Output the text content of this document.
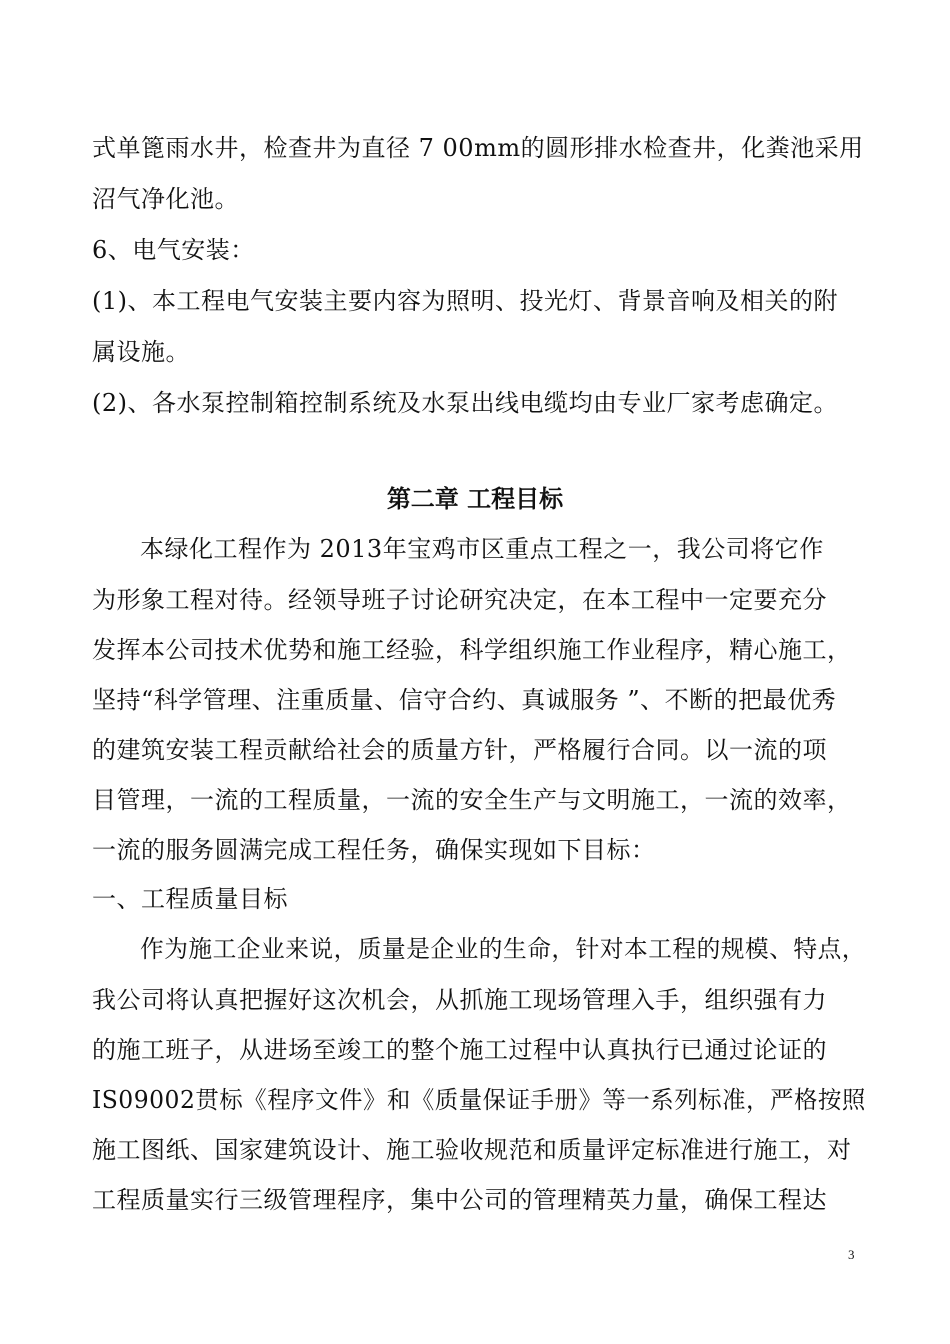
式单篦雨水井，检查井为直径 7 00mm的圆形排水检查井，化粪池采用
沼气净化池。
6、电气安装：
(1)、本工程电气安装主要内容为照明、投光灯、背景音响及相关的附
属设施。
(2)、各水泵控制箱控制系统及水泵出线电缆均由专业厂家考虑确定。
第二章 工程目标
本绿化工程作为 2013年宝鸡市区重点工程之一，我公司将它作
为形象工程对待。经领导班子讨论研究决定，在本工程中一定要充分
发挥本公司技术优势和施工经验，科学组织施工作业程序，精心施工，
坚持“科学管理、注重质量、信守合约、真诚服务 ”、不断的把最优秀
的建筑安装工程贡献给社会的质量方针，严格履行合同。以一流的项
目管理，一流的工程质量，一流的安全生产与文明施工，一流的效率，
一流的服务圆满完成工程任务，确保实现如下目标：
一、工程质量目标
作为施工企业来说，质量是企业的生命，针对本工程的规模、特点，
我公司将认真把握好这次机会，从抓施工现场管理入手，组织强有力
的施工班子，从进场至竣工的整个施工过程中认真执行已通过论证的
IS09002贯标《程序文件》和《质量保证手册》等一系列标准，严格按照
施工图纸、国家建筑设计、施工验收规范和质量评定标准进行施工，对
工程质量实行三级管理程序，集中公司的管理精英力量，确保工程达
3
